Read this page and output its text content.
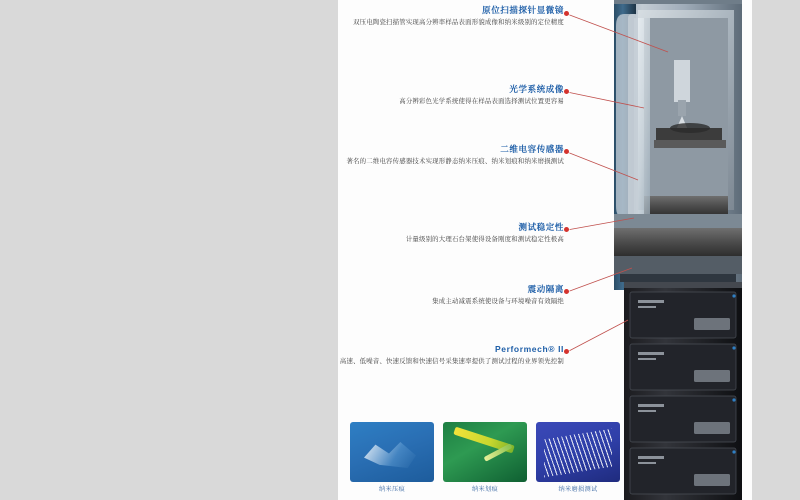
原位扫描探针显微镜

双压电陶瓷扫描管实现高分辨率样品表面形貌成像和纳米级别的定位精度

光学系统成像

高分辨彩色光学系统使得在样品表面选择测试位置更容易

二维电容传感器

著名的二维电容传感器技术实现形静态纳米压痕、纳米划痕和纳米磨损测试

测试稳定性

计量级别的大理石台架使得设备刚度和测试稳定性极高

震动隔离

集成主动减震系统使设备与环境噪音有效隔绝

Performech® II

高速、低噪音、快速反馈和快速信号采集速率提供了测试过程的业界领先控制

纳米压痕	纳米划痕	纳米磨损测试
